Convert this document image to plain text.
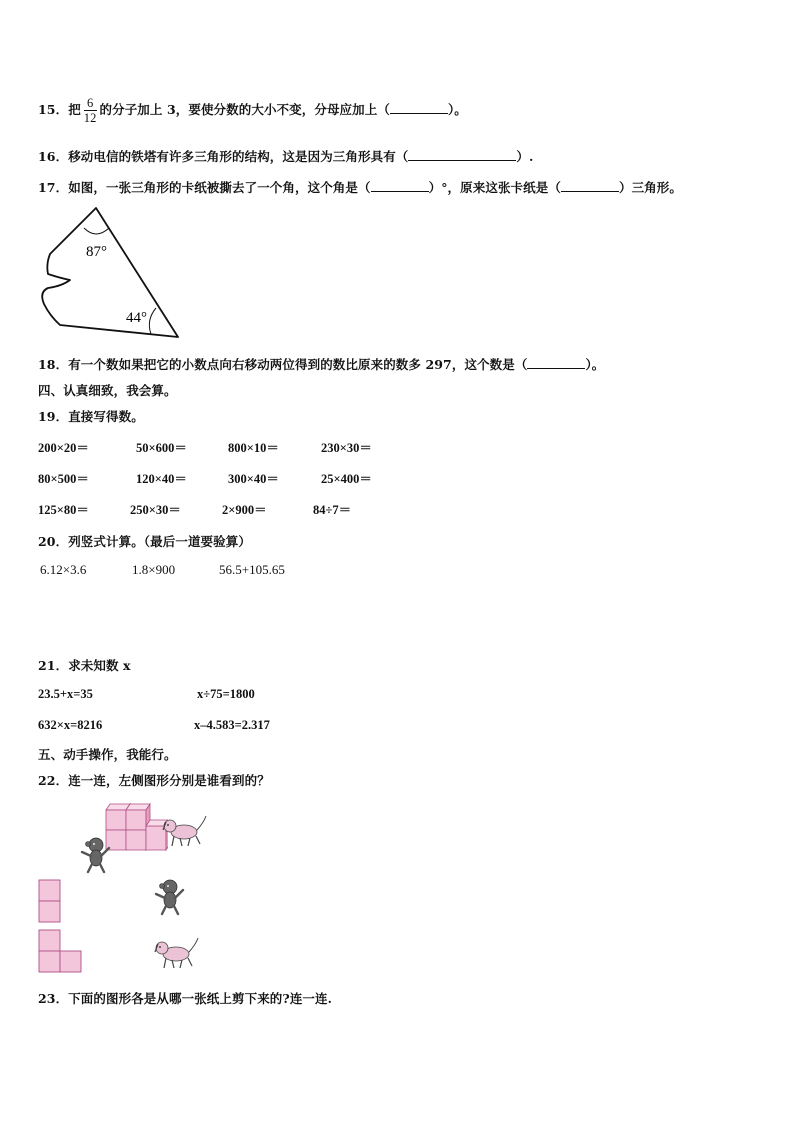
15．把 $\frac{6}{12}$ 的分子加上 3，要使分数的大小不变，分母应加上（	）。
16．移动电信的铁塔有许多三角形的结构，这是因为三角形具有（	）.
17．如图，一张三角形的卡纸被撕去了一个角，这个角是（	）°，原来这张卡纸是（	）三角形。
87°
44°
18．有一个数如果把它的小数点向右移动两位得到的数比原来的数多 297，这个数是（	）。
四、认真细致，我会算。
19．直接写得数。
200×20＝	50×600＝	800×10＝	230×30＝
80×500＝	120×40＝	300×40＝	25×400＝
125×80＝	250×30＝	2×900＝	84÷7＝
20．列竖式计算。（最后一道要验算）
6.12×3.6	1.8×900	56.5+105.65
21．求未知数 x
23.5+x=35	x÷75=1800
632×x=8216	x–4.583=2.317
五、动手操作，我能行。
22．连一连，左侧图形分别是谁看到的？
23．下面的图形各是从哪一张纸上剪下来的?连一连.
